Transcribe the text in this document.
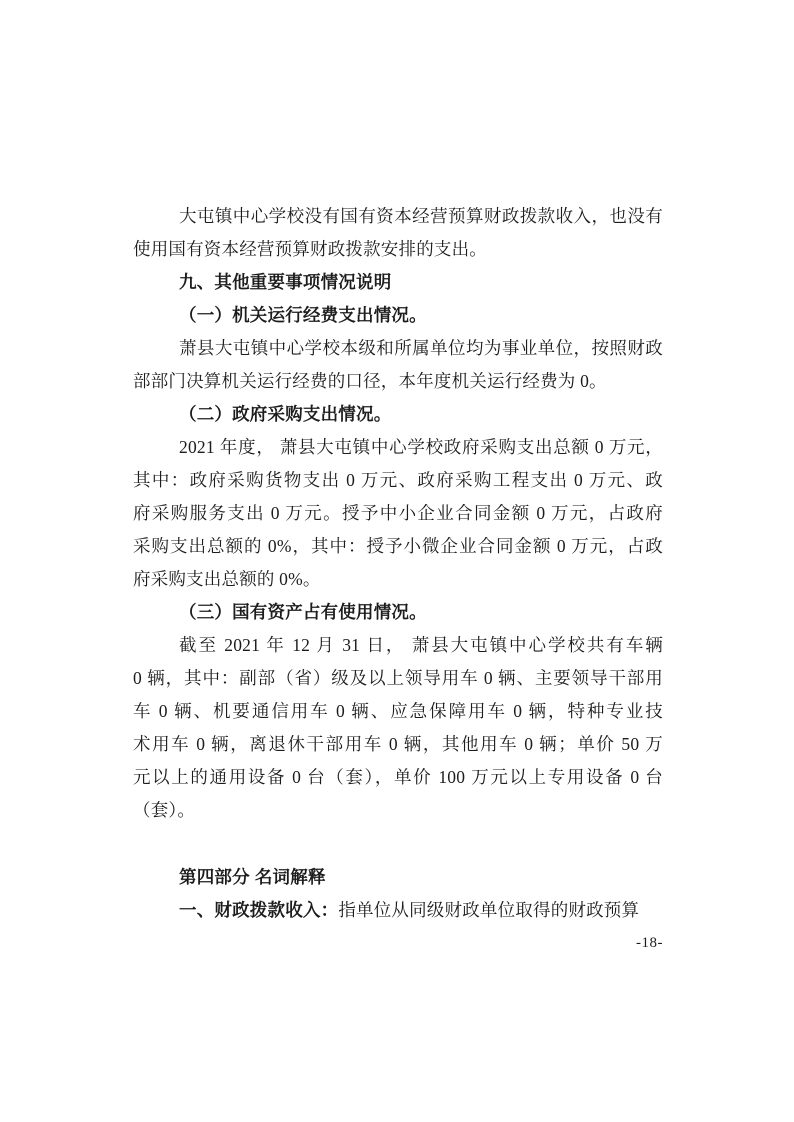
大屯镇中心学校没有国有资本经营预算财政拨款收入，也没有
使用国有资本经营预算财政拨款安排的支出。
九、其他重要事项情况说明
（一）机关运行经费支出情况。
萧县大屯镇中心学校本级和所属单位均为事业单位，按照财政
部部门决算机关运行经费的口径，本年度机关运行经费为 0。
（二）政府采购支出情况。
2021 年度， 萧县大屯镇中心学校政府采购支出总额 0 万元，
其中：政府采购货物支出 0 万元、政府采购工程支出 0 万元、政
府采购服务支出 0 万元。授予中小企业合同金额 0 万元，占政府
采购支出总额的 0%，其中：授予小微企业合同金额 0 万元，占政
府采购支出总额的 0%。
（三）国有资产占有使用情况。
截至 2021 年 12 月 31 日， 萧县大屯镇中心学校共有车辆
0 辆，其中：副部（省）级及以上领导用车 0 辆、主要领导干部用
车 0 辆、机要通信用车 0 辆、应急保障用车 0 辆，特种专业技
术用车 0 辆，离退休干部用车 0 辆，其他用车 0 辆；单价 50 万
元以上的通用设备 0 台（套），单价 100 万元以上专用设备 0 台
（套）。
第四部分 名词解释
一、财政拨款收入：指单位从同级财政单位取得的财政预算
-18-
